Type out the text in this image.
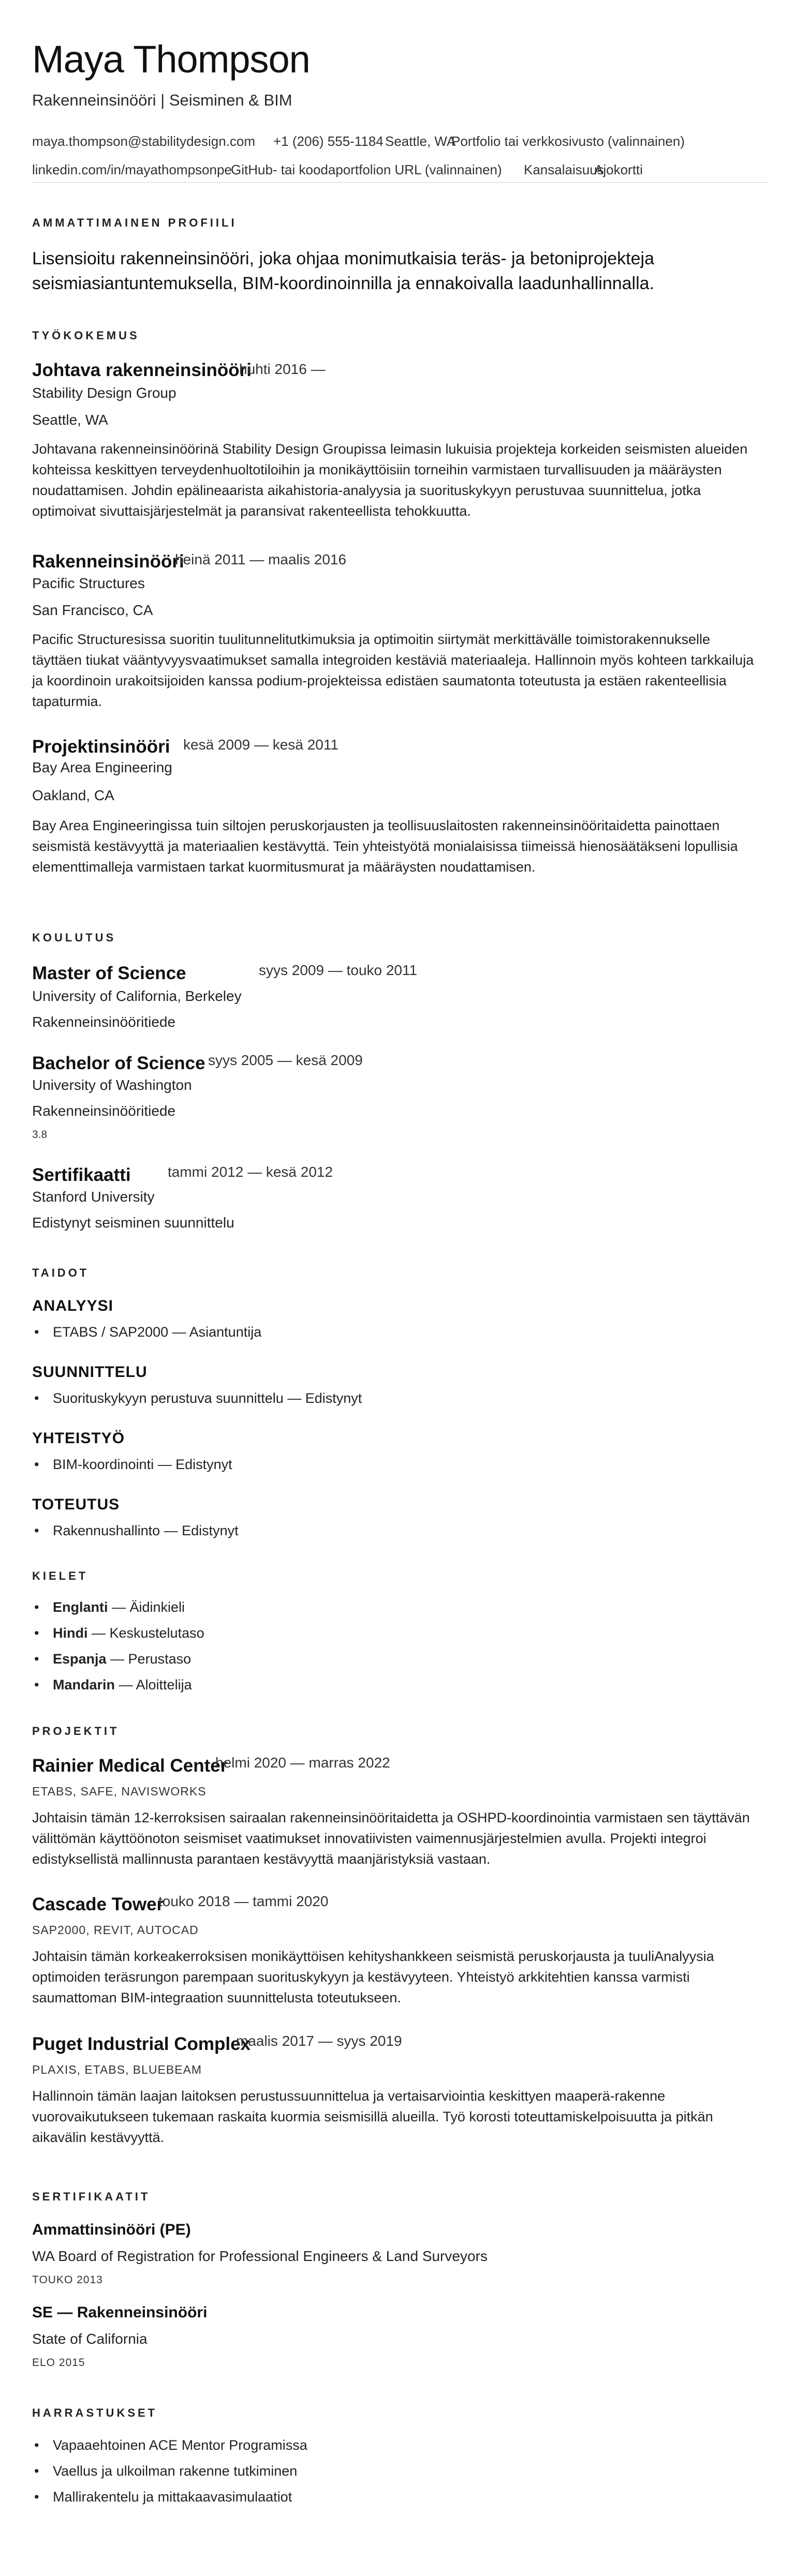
Maya Thompson
Rakenneinsinööri | Seisminen & BIM
maya.thompson@stabilitydesign.com +1 (206) 555-1184 Seattle, WA
Portfolio tai verkkosivusto (valinnainen)
linkedin.com/in/mayathompsonpe
GitHub- tai koodaportfolion URL (valinnainen) Kansalaisuus
Ajokortti
AMMATTIMAINEN PROFIILI
Lisensioitu rakenneinsinööri, joka ohjaa monimutkaisia teräs- ja betoniprojekteja seismiasiantuntemuksella, BIM-koordinoinnilla ja ennakoivalla laadunhallinnalla.
TYÖKOKEMUS
Johtava rakenneinsinööri
huhti 2016 —
Stability Design Group
Seattle, WA
Johtavana rakenneinsinöörinä Stability Design Groupissa leimasin lukuisia projekteja korkeiden seismisten alueiden kohteissa keskittyen terveydenhuoltotiloihin ja monikäyttöisiin torneihin varmistaen turvallisuuden ja määräysten noudattamisen. Johdin epälineaarista aikahistoria-analyysia ja suorituskykyyn perustuvaa suunnittelua, jotka optimoivat sivuttaisjärjestelmät ja paransivat rakenteellista tehokkuutta.
Rakenneinsinööri
heinä 2011 — maalis 2016
Pacific Structures
San Francisco, CA
Pacific Structuresissa suoritin tuulitunnelitutkimuksia ja optimoitin siirtymät merkittävälle toimistorakennukselle täyttäen tiukat vääntyvyysvaatimukset samalla integroiden kestäviä materiaaleja. Hallinnoin myös kohteen tarkkailuja ja koordinoin urakoitsijoiden kanssa podium-projekteissa edistäen saumatonta toteutusta ja estäen rakenteellisia tapaturmia.
Projektinsinööri kesä 2009 — kesä 2011
Bay Area Engineering
Oakland, CA
Bay Area Engineeringissa tuin siltojen peruskorjausten ja teollisuuslaitosten rakenneinsinööritaidetta painottaen seismistä kestävyyttä ja materiaalien kestävyttä. Tein yhteistyötä monialaisissa tiimeissä hienosäätäkseni lopullisia elementtimalleja varmistaen tarkat kuormitusmurat ja määräysten noudattamisen.
KOULUTUS
Master of Science	syys 2009 — touko 2011
University of California, Berkeley
Rakenneinsinööritiede
Bachelor of Science syys 2005 — kesä 2009
University of Washington
Rakenneinsinööritiede
3.8
Sertifikaatti	tammi 2012 — kesä 2012
Stanford University
Edistynyt seisminen suunnittelu
TAIDOT
ANALYYSI
• ETABS / SAP2000 — Asiantuntija
SUUNNITTELU
• Suorituskykyyn perustuva suunnittelu — Edistynyt
YHTEISTYÖ
• BIM-koordinointi — Edistynyt
TOTEUTUS
• Rakennushallinto — Edistynyt
KIELET
• Englanti — Äidinkieli
• Hindi — Keskustelutaso
• Espanja — Perustaso
• Mandarin — Aloittelija
PROJEKTIT
Rainier Medical Center
helmi 2020 — marras 2022
ETABS, SAFE, NAVISWORKS
Johtaisin tämän 12-kerroksisen sairaalan rakenneinsinööritaidetta ja OSHPD-koordinointia varmistaen sen täyttävän välittömän käyttöönoton seismiset vaatimukset innovatiivisten vaimennusjärjestelmien avulla. Projekti integroi edistyksellistä mallinnusta parantaen kestävyyttä maanjäristyksiä vastaan.
Cascade Tower
touko 2018 — tammi 2020
SAP2000, REVIT, AUTOCAD
Johtaisin tämän korkeakerroksisen monikäyttöisen kehityshankkeen seismistä peruskorjausta ja tuuliAnalyysia optimoiden teräsrungon parempaan suorituskykyyn ja kestävyyteen. Yhteistyö arkkitehtien kanssa varmisti saumattoman BIM-integraation suunnittelusta toteutukseen.
Puget Industrial Complex
maalis 2017 — syys 2019
PLAXIS, ETABS, BLUEBEAM
Hallinnoin tämän laajan laitoksen perustussuunnittelua ja vertaisarviointia keskittyen maaperä-rakenne vuorovaikutukseen tukemaan raskaita kuormia seismisillä alueilla. Työ korosti toteuttamiskelpoisuutta ja pitkän aikavälin kestävyyttä.
SERTIFIKAATIT
Ammattinsinööri (PE)
WA Board of Registration for Professional Engineers & Land Surveyors
TOUKO 2013
SE — Rakenneinsinööri
State of California
ELO 2015
HARRASTUKSET
• Vapaaehtoinen ACE Mentor Programissa
• Vaellus ja ulkoilman rakenne tutkiminen
• Mallirakentelu ja mittakaavasimulaatiot
